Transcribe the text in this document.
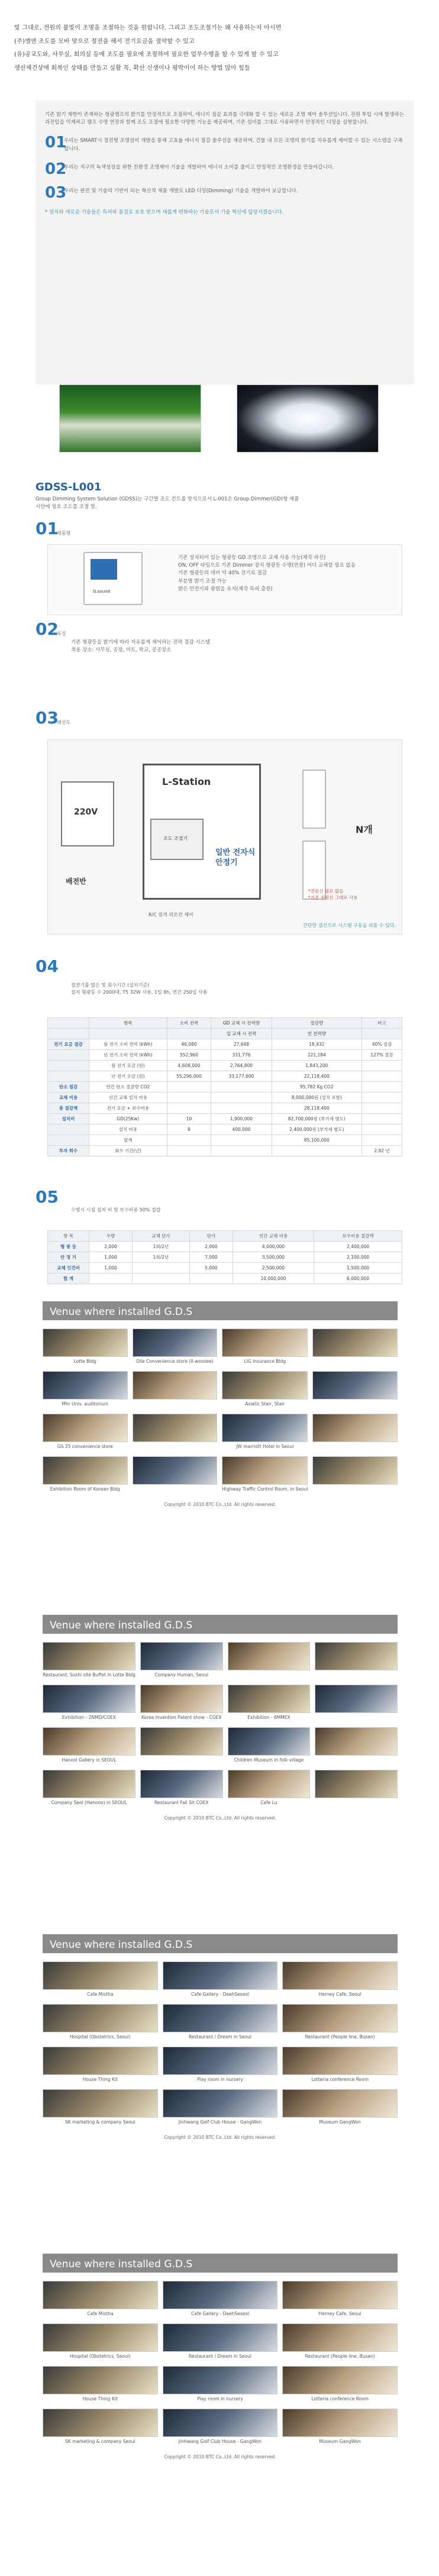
빛 그대로, 전원의 불빛이 조명을 조절하는 것을 원합니다. 그리고 조도조절기는 왜 사용하는지 아시면

(주)엘엔 조도를 모바 맞으로 절전을 해서 전기요금을 절약할 수 있고

(유)공교도와, 사무실, 회의실 등에 조도를 필요에 조절하여 필요한 업무수행을 할 수 있게 할 수 있고

생산제견상에 회복인 상태를 만들고 실활 꼭, 확산 신생이나 평박이어 하는 방법 많아 힘들

기존 밝기 제한이 존재하는 형광램프의 밝기를 안정적으로 조절하여, 에너지 절감 효과를 극대화 할 수 있는 새로운 조명 제어 솔루션입니다. 전원 투입 시에 발생하는 과전압을 억제하고 램프 수명 연장과 함께 조도 조절에 필요한 다양한 기능을 제공하며, 기존 설비를 그대로 사용하면서 안정적인 디밍을 실현합니다.

01
우리는 SMART시 절전형 조명설비 개발을 통해 고효율 에너지 절감 솔루션을 제공하며, 건물 내 모든 조명의 밝기를 자유롭게 제어할 수 있는 시스템을 구축합니다.
02
우리는 지구의 녹색성장을 위한 친환경 조명제어 기술을 개발하여 에너지 소비를 줄이고 안정적인 조명환경을 만들어갑니다.
03
우리는 완전 및 기술의 기반이 되는 혁신적 제품 개발로 LED 디밍(Dimming) 기술을 개발하여 보급합니다.

* 설치와 새로운 기술들은 특허와 품질로 보호 받으며 새롭게 변화하는 기술로서 기술 혁신에 앞장서겠습니다.

GDSS-L001

Group Dimming System Solution (GDSS)는 구간별 조도 컨트롤 방식으로서 L-001은 Group Dimmer(GD)형 제품

시안에 필요 조도를 조절 함.

01
제품형
G.sound
기존 설치되어 있는 형광등 GD 조명으로 교체 사용 가능(제작 하진)
ON, OFF 타임으로 기존 Dimmer 장치 형광등 수명(연장) 어디 교체할 필요 없음
기존 형광등의 대비 약 40% 전기료 절감
부분별 밝기 조절 가능
밝은 안전기와 광원을 유지(제작 특허 출원)
02
특징

기존 형광등을 밝기에 따라 자유롭게 제어하는 전력 절감 시스템

적용 장소: 사무실, 공장, 마트, 학교, 공공장소

03
배선도
220V
배전반
L-Station
조도 조절기
일반 전자식
안정기
R/C 원격 리모컨 제어
N개
*전원선 필요 없음
*기존 전원선 그대로 사용
간단한 결선으로 시스템 구동을 쉬울 수 있다.
04

절전기를 많은 및 회수기간 (설치기준)

설치 형광등 수 2000대, T5 32W 사용, 1일 8h, 연간 250일 사용

	항목	소비 전력	GD 교체 시 전력량	절감량	비고
			일 교체 시 전력	연 전력량	
전기 요금 절감	월 전기 소비 전력 (kWh)	46,080	27,648	18,432	40% 절감
	년 전기 소비 전력 (kWh)	552,960	331,776	221,184	127% 절감
	월 전기 요금 (원)	4,608,000	2,764,800	1,843,200	
	년 전기 요금 (원)	55,296,000	33,177,600	22,118,400	
탄소 절감	연간 탄소 절감량 CO2			95,782 Kg CO2	
교체 비용	년간 교체 설치 비용			8,000,000원 (설치 포함)	
총 절감액	전기 요금 + 보수비용			28,118,400	
설치비	GD(25Kw)	10	1,900,000	82,700,000원 (부가세 별도)	
	설치 비용	8	400,000	2,400,000원 (부가세 별도)	
	합계			85,100,000	
투자 회수	회수 기간(년)				2.92 년
05

수명시 시설 설치 비 및 보수비용 50% 절감

항 목	수량	교체 단가	단가	연간 교체 비용	보수비용 절감액
형 광 등	2,000	1회/2년	2,000	4,000,000	2,400,000
안 정 기	1,000	1회/2년	7,000	3,500,000	2,100,000
교체 인건비	1,000		5,000	2,500,000	1,500,000
합 계				10,000,000	6,000,000
Venue where installed G.D.S
Lotte Bldg	Olle Convenience store (Il-woosee)	LIG Insurance Bldg
Mhr Univ. auditorium	Asiatic Stair, Stair
GS 25 convenience store	JW marriott Hotel in Seoul
Exhibition Room of Korean Bldg	Highway Traffic Control Room, in Seoul
Copyright © 2010 BTC Co.,Ltd. All rights reserved.
Venue where installed G.D.S
Restaurant, Sushi site Buffet in Lotte Bldg	Company Human, Seoul
Exhibition - 2NMD/COEX	Korea Invention Patent show - COEX	Exhibition - 6MMEX
Hanool Gallery in SEOUL	Children Museum in folk village
Company Seol (Hanooo) in SEOUL	Restaurant Fall Sit COEX	Cafe Lu
Copyright © 2010 BTC Co.,Ltd. All rights reserved.
Venue where installed G.D.S
Cafe Mistha	Cafe Gallery - DaehSeseol	Herney Cafe, Seoul
Hospital (Obstetrics, Seoul)	Restaurant / Dream in Seoul	Restaurant (People line, Busan)
House Thing Kit	Play room in nursery	Lotteria conference Room
SK marketing & company Seoul	Jinhwang Golf Club House - GangWon	Museum GangWon
Copyright © 2010 BTC Co.,Ltd. All rights reserved.
Venue where installed G.D.S
Cafe Mistha	Cafe Gallery - DaehSeseol	Herney Cafe, Seoul
Hospital (Obstetrics, Seoul)	Restaurant / Dream in Seoul	Restaurant (People line, Busan)
House Thing Kit	Play room in nursery	Lotteria conference Room
SK marketing & company Seoul	Jinhwang Golf Club House - GangWon	Museum GangWon
Copyright © 2010 BTC Co.,Ltd. All rights reserved.
